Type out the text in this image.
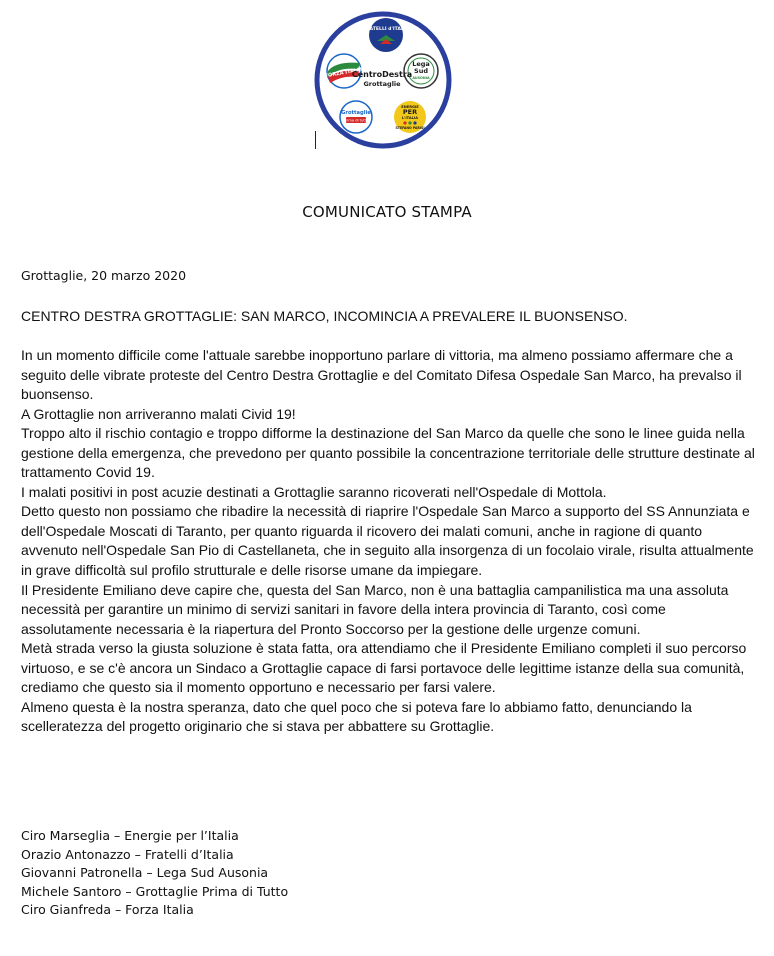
FRATELLI d'ITALIA
FORZA ITALIA
Lega
Sud
AUSONIA
CentroDestra
Grottaglie
Grottaglie
prima di tutto
ENERGIE
PER
L'ITALIA
STEFANO PARISI
COMUNICATO STAMPA
Grottaglie, 20 marzo 2020
CENTRO DESTRA GROTTAGLIE: SAN MARCO, INCOMINCIA A PREVALERE IL BUONSENSO.

In un momento difficile come l'attuale sarebbe inopportuno parlare di vittoria, ma almeno possiamo affermare che a seguito delle vibrate proteste del Centro Destra Grottaglie e del Comitato Difesa Ospedale San Marco, ha prevalso il buonsenso.

A Grottaglie non arriveranno malati Civid 19!

Troppo alto il rischio contagio e troppo difforme la destinazione del San Marco da quelle che sono le linee guida nella gestione della emergenza, che prevedono per quanto possibile la concentrazione territoriale delle strutture destinate al trattamento Covid 19.

I malati positivi in post acuzie destinati a Grottaglie saranno ricoverati nell'Ospedale di Mottola.

Detto questo non possiamo che ribadire la necessità di riaprire l'Ospedale San Marco a supporto del SS Annunziata e dell'Ospedale Moscati di Taranto, per quanto riguarda il ricovero dei malati comuni, anche in ragione di quanto avvenuto nell'Ospedale San Pio di Castellaneta, che in seguito alla insorgenza di un focolaio virale, risulta attualmente in grave difficoltà sul profilo strutturale e delle risorse umane da impiegare.

Il Presidente Emiliano deve capire che, questa del San Marco, non è una battaglia campanilistica ma una assoluta necessità per garantire un minimo di servizi sanitari in favore della intera provincia di Taranto, così come assolutamente necessaria è la riapertura del Pronto Soccorso per la gestione delle urgenze comuni.

Metà strada verso la giusta soluzione è stata fatta, ora attendiamo che il Presidente Emiliano completi il suo percorso virtuoso, e se c'è ancora un Sindaco a Grottaglie capace di farsi portavoce delle legittime istanze della sua comunità, crediamo che questo sia il momento opportuno e necessario per farsi valere.

Almeno questa è la nostra speranza, dato che quel poco che si poteva fare lo abbiamo fatto, denunciando la scelleratezza del progetto originario che si stava per abbattere su Grottaglie.

Ciro Marseglia – Energie per l’Italia
Orazio Antonazzo – Fratelli d’Italia
Giovanni Patronella – Lega Sud Ausonia
Michele Santoro – Grottaglie Prima di Tutto
Ciro Gianfreda – Forza Italia
